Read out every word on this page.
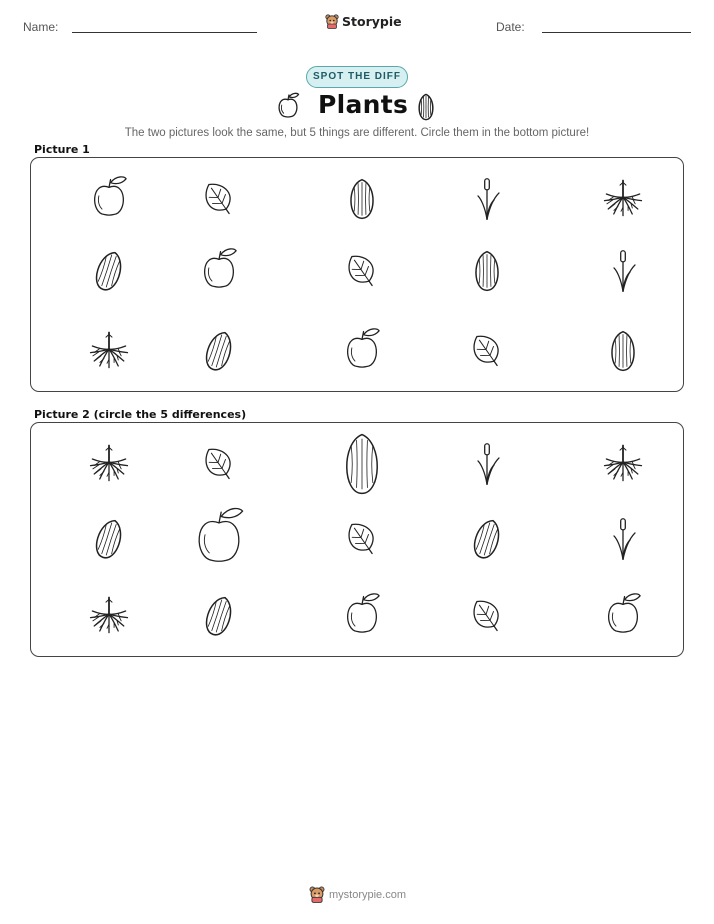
Name:	Storypie	Date:
SPOT THE DIFF
Plants
The two pictures look the same, but 5 things are different. Circle them in the bottom picture!
Picture 1
Picture 2 (circle the 5 differences)
mystorypie.com
